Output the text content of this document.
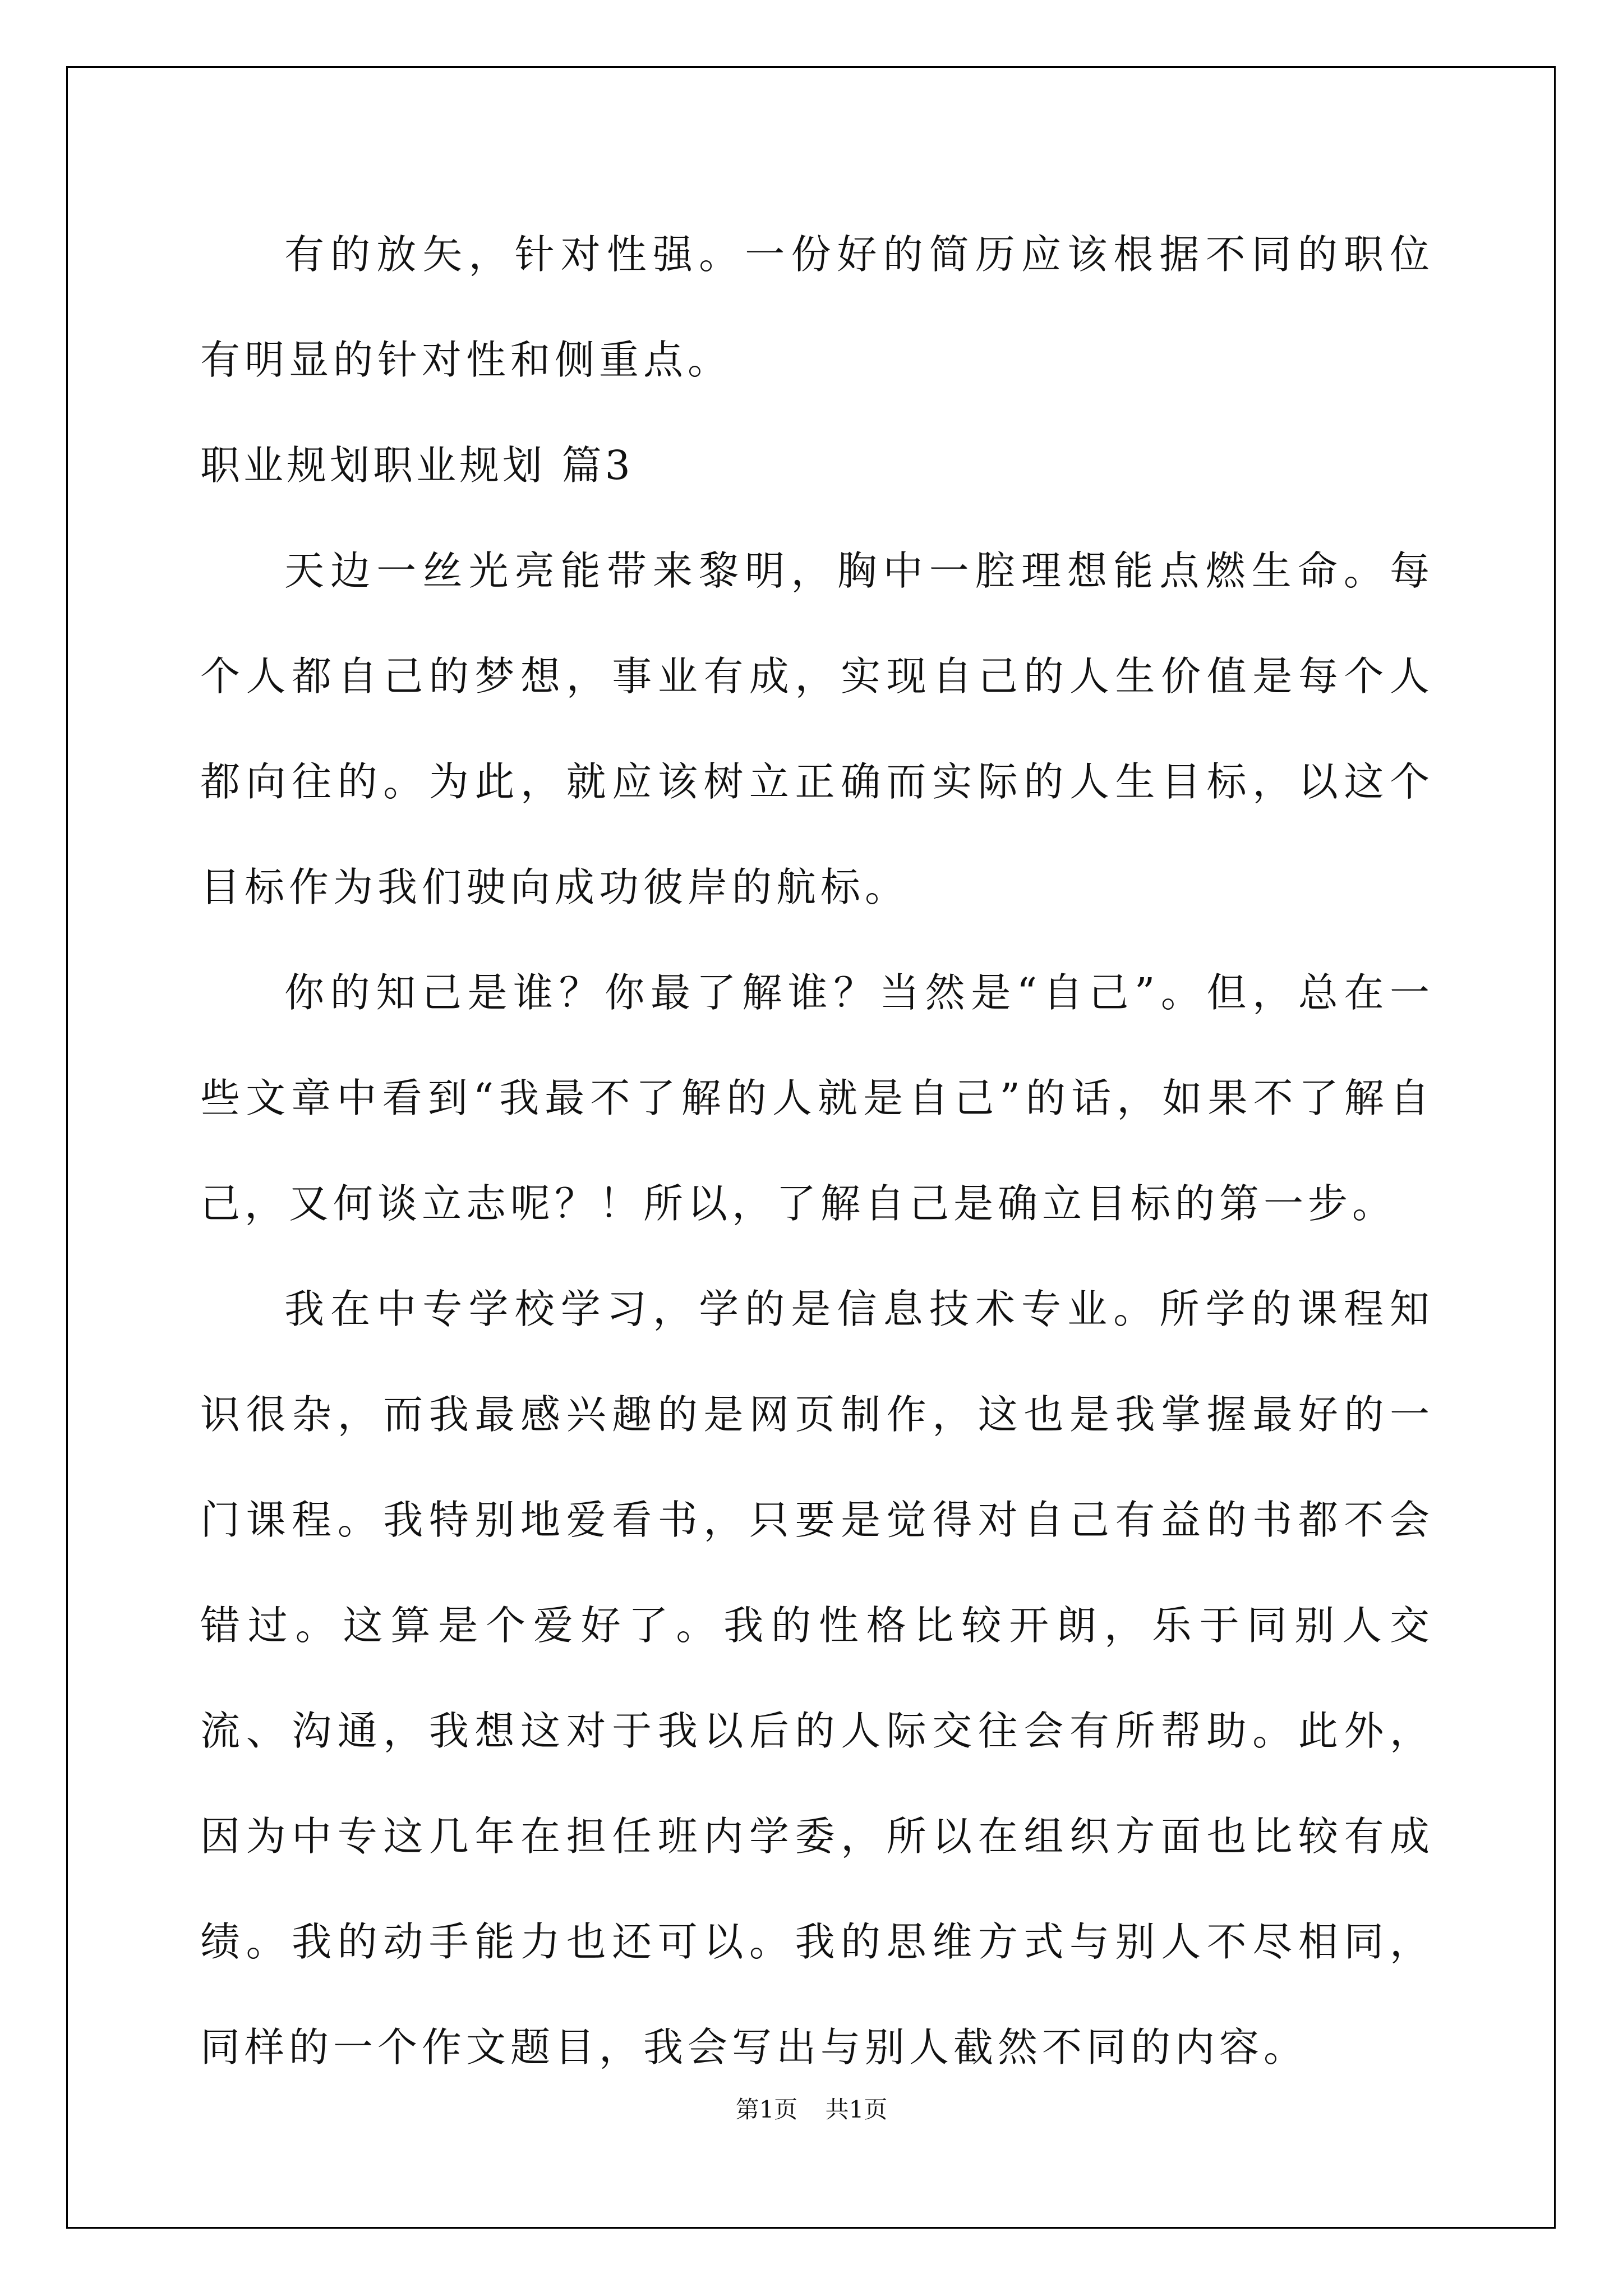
有的放矢，针对性强。一份好的简历应该根据不同的职位有明显的针对性和侧重点。

职业规划职业规划 篇3

天边一丝光亮能带来黎明，胸中一腔理想能点燃生命。每个人都自己的梦想，事业有成，实现自己的人生价值是每个人都向往的。为此，就应该树立正确而实际的人生目标，以这个目标作为我们驶向成功彼岸的航标。

你的知己是谁？你最了解谁？当然是“自己”。但，总在一些文章中看到“我最不了解的人就是自己”的话，如果不了解自己，又何谈立志呢？！所以，了解自己是确立目标的第一步。

我在中专学校学习，学的是信息技术专业。所学的课程知识很杂，而我最感兴趣的是网页制作，这也是我掌握最好的一门课程。我特别地爱看书，只要是觉得对自己有益的书都不会错过。这算是个爱好了。我的性格比较开朗，乐于同别人交流、沟通，我想这对于我以后的人际交往会有所帮助。此外，因为中专这几年在担任班内学委，所以在组织方面也比较有成绩。我的动手能力也还可以。我的思维方式与别人不尽相同，同样的一个作文题目，我会写出与别人截然不同的内容。

第1页 共1页
